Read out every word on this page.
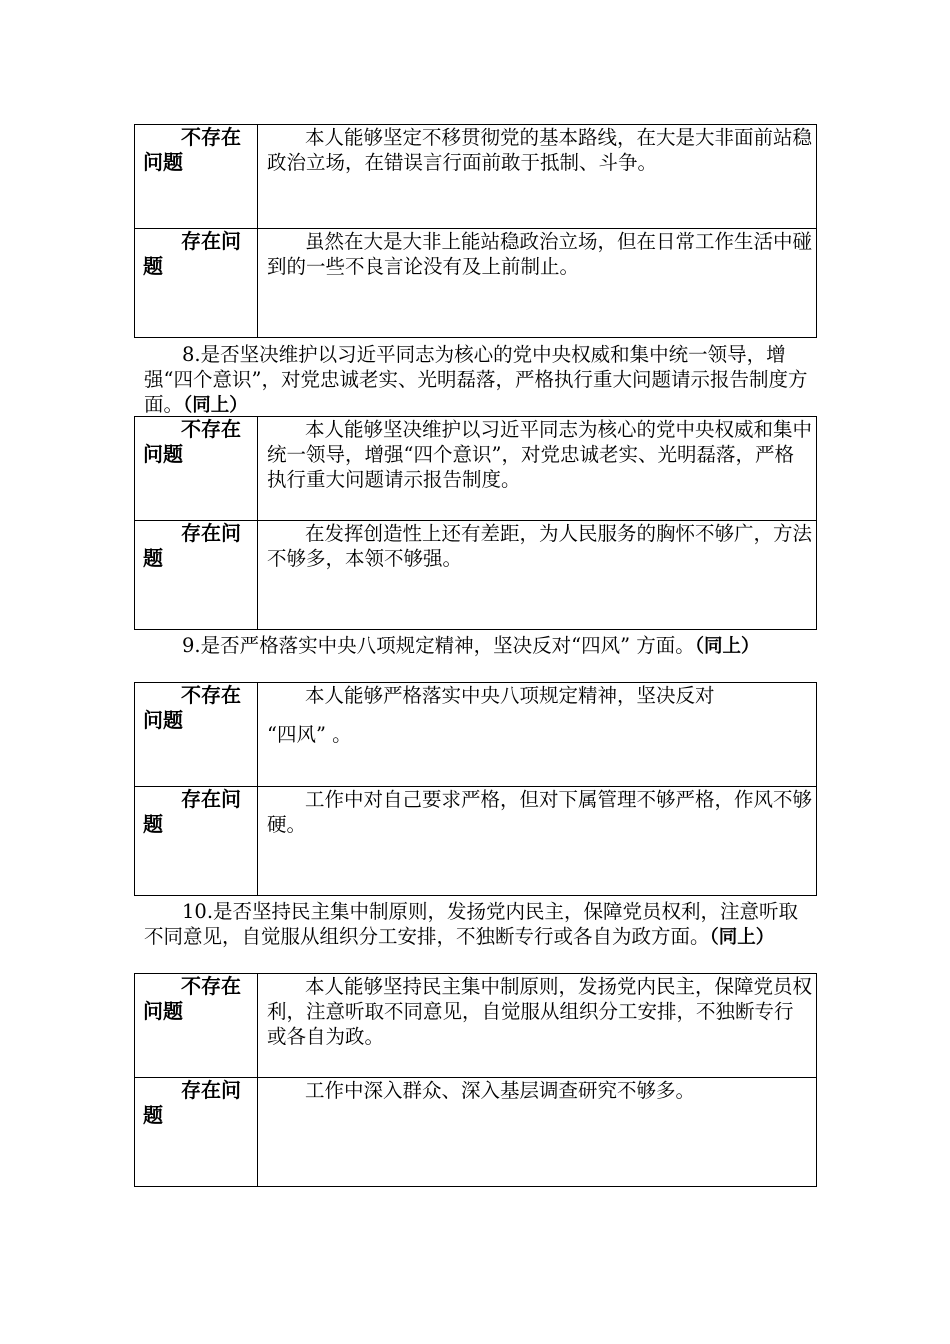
不存在问题	本人能够坚定不移贯彻党的基本路线，在大是大非面前站稳政治立场，在错误言行面前敢于抵制、斗争。

存在问题	虽然在大是大非上能站稳政治立场，但在日常工作生活中碰到的一些不良言论没有及上前制止。
8.是否坚决维护以习近平同志为核心的党中央权威和集中统一领导，增强“四个意识”，对党忠诚老实、光明磊落，严格执行重大问题请示报告制度方面。（同上）
不存在问题	本人能够坚决维护以习近平同志为核心的党中央权威和集中统一领导，增强“四个意识”，对党忠诚老实、光明磊落，严格执行重大问题请示报告制度。

存在问题	在发挥创造性上还有差距，为人民服务的胸怀不够广，方法不够多，本领不够强。
9.是否严格落实中央八项规定精神，坚决反对“四风” 方面。（同上）
不存在问题	本人能够严格落实中央八项规定精神，坚决反对
“四风” 。

存在问题	工作中对自己要求严格，但对下属管理不够严格，作风不够硬。
10.是否坚持民主集中制原则，发扬党内民主，保障党员权利，注意听取不同意见，自觉服从组织分工安排，不独断专行或各自为政方面。（同上）
不存在问题	本人能够坚持民主集中制原则，发扬党内民主，保障党员权利，注意听取不同意见，自觉服从组织分工安排，不独断专行或各自为政。

存在问题	工作中深入群众、深入基层调查研究不够多。
